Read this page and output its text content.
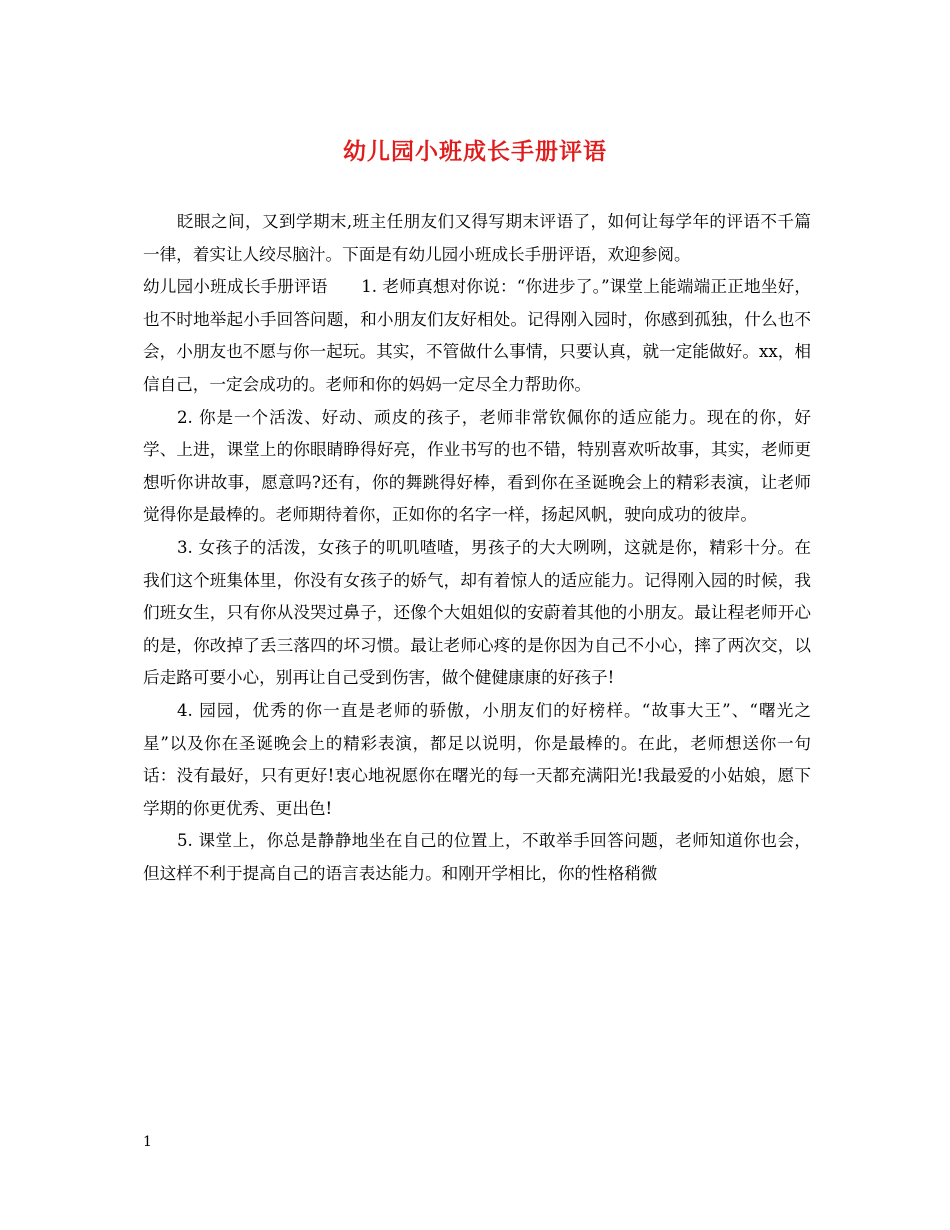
幼儿园小班成长手册评语

眨眼之间，又到学期末,班主任朋友们又得写期末评语了，如何让每学年的评语不千篇一律，着实让人绞尽脑汁。下面是有幼儿园小班成长手册评语，欢迎参阅。

幼儿园小班成长手册评语　　1. 老师真想对你说：“你进步了。”课堂上能端端正正地坐好，也不时地举起小手回答问题，和小朋友们友好相处。记得刚入园时，你感到孤独，什么也不会，小朋友也不愿与你一起玩。其实，不管做什么事情，只要认真，就一定能做好。xx，相信自己，一定会成功的。老师和你的妈妈一定尽全力帮助你。

2. 你是一个活泼、好动、顽皮的孩子，老师非常钦佩你的适应能力。现在的你，好学、上进，课堂上的你眼睛睁得好亮，作业书写的也不错，特别喜欢听故事，其实，老师更想听你讲故事，愿意吗?还有，你的舞跳得好棒，看到你在圣诞晚会上的精彩表演，让老师觉得你是最棒的。老师期待着你，正如你的名字一样，扬起风帆，驶向成功的彼岸。

3. 女孩子的活泼，女孩子的叽叽喳喳，男孩子的大大咧咧，这就是你，精彩十分。在我们这个班集体里，你没有女孩子的娇气，却有着惊人的适应能力。记得刚入园的时候，我们班女生，只有你从没哭过鼻子，还像个大姐姐似的安蔚着其他的小朋友。最让程老师开心的是，你改掉了丢三落四的坏习惯。最让老师心疼的是你因为自己不小心，摔了两次交，以后走路可要小心，别再让自己受到伤害，做个健健康康的好孩子!

4. 园园，优秀的你一直是老师的骄傲，小朋友们的好榜样。“故事大王”、“曙光之星”以及你在圣诞晚会上的精彩表演，都足以说明，你是最棒的。在此，老师想送你一句话：没有最好，只有更好!衷心地祝愿你在曙光的每一天都充满阳光!我最爱的小姑娘，愿下学期的你更优秀、更出色!

5. 课堂上，你总是静静地坐在自己的位置上，不敢举手回答问题，老师知道你也会，但这样不利于提高自己的语言表达能力。和刚开学相比，你的性格稍微

1
